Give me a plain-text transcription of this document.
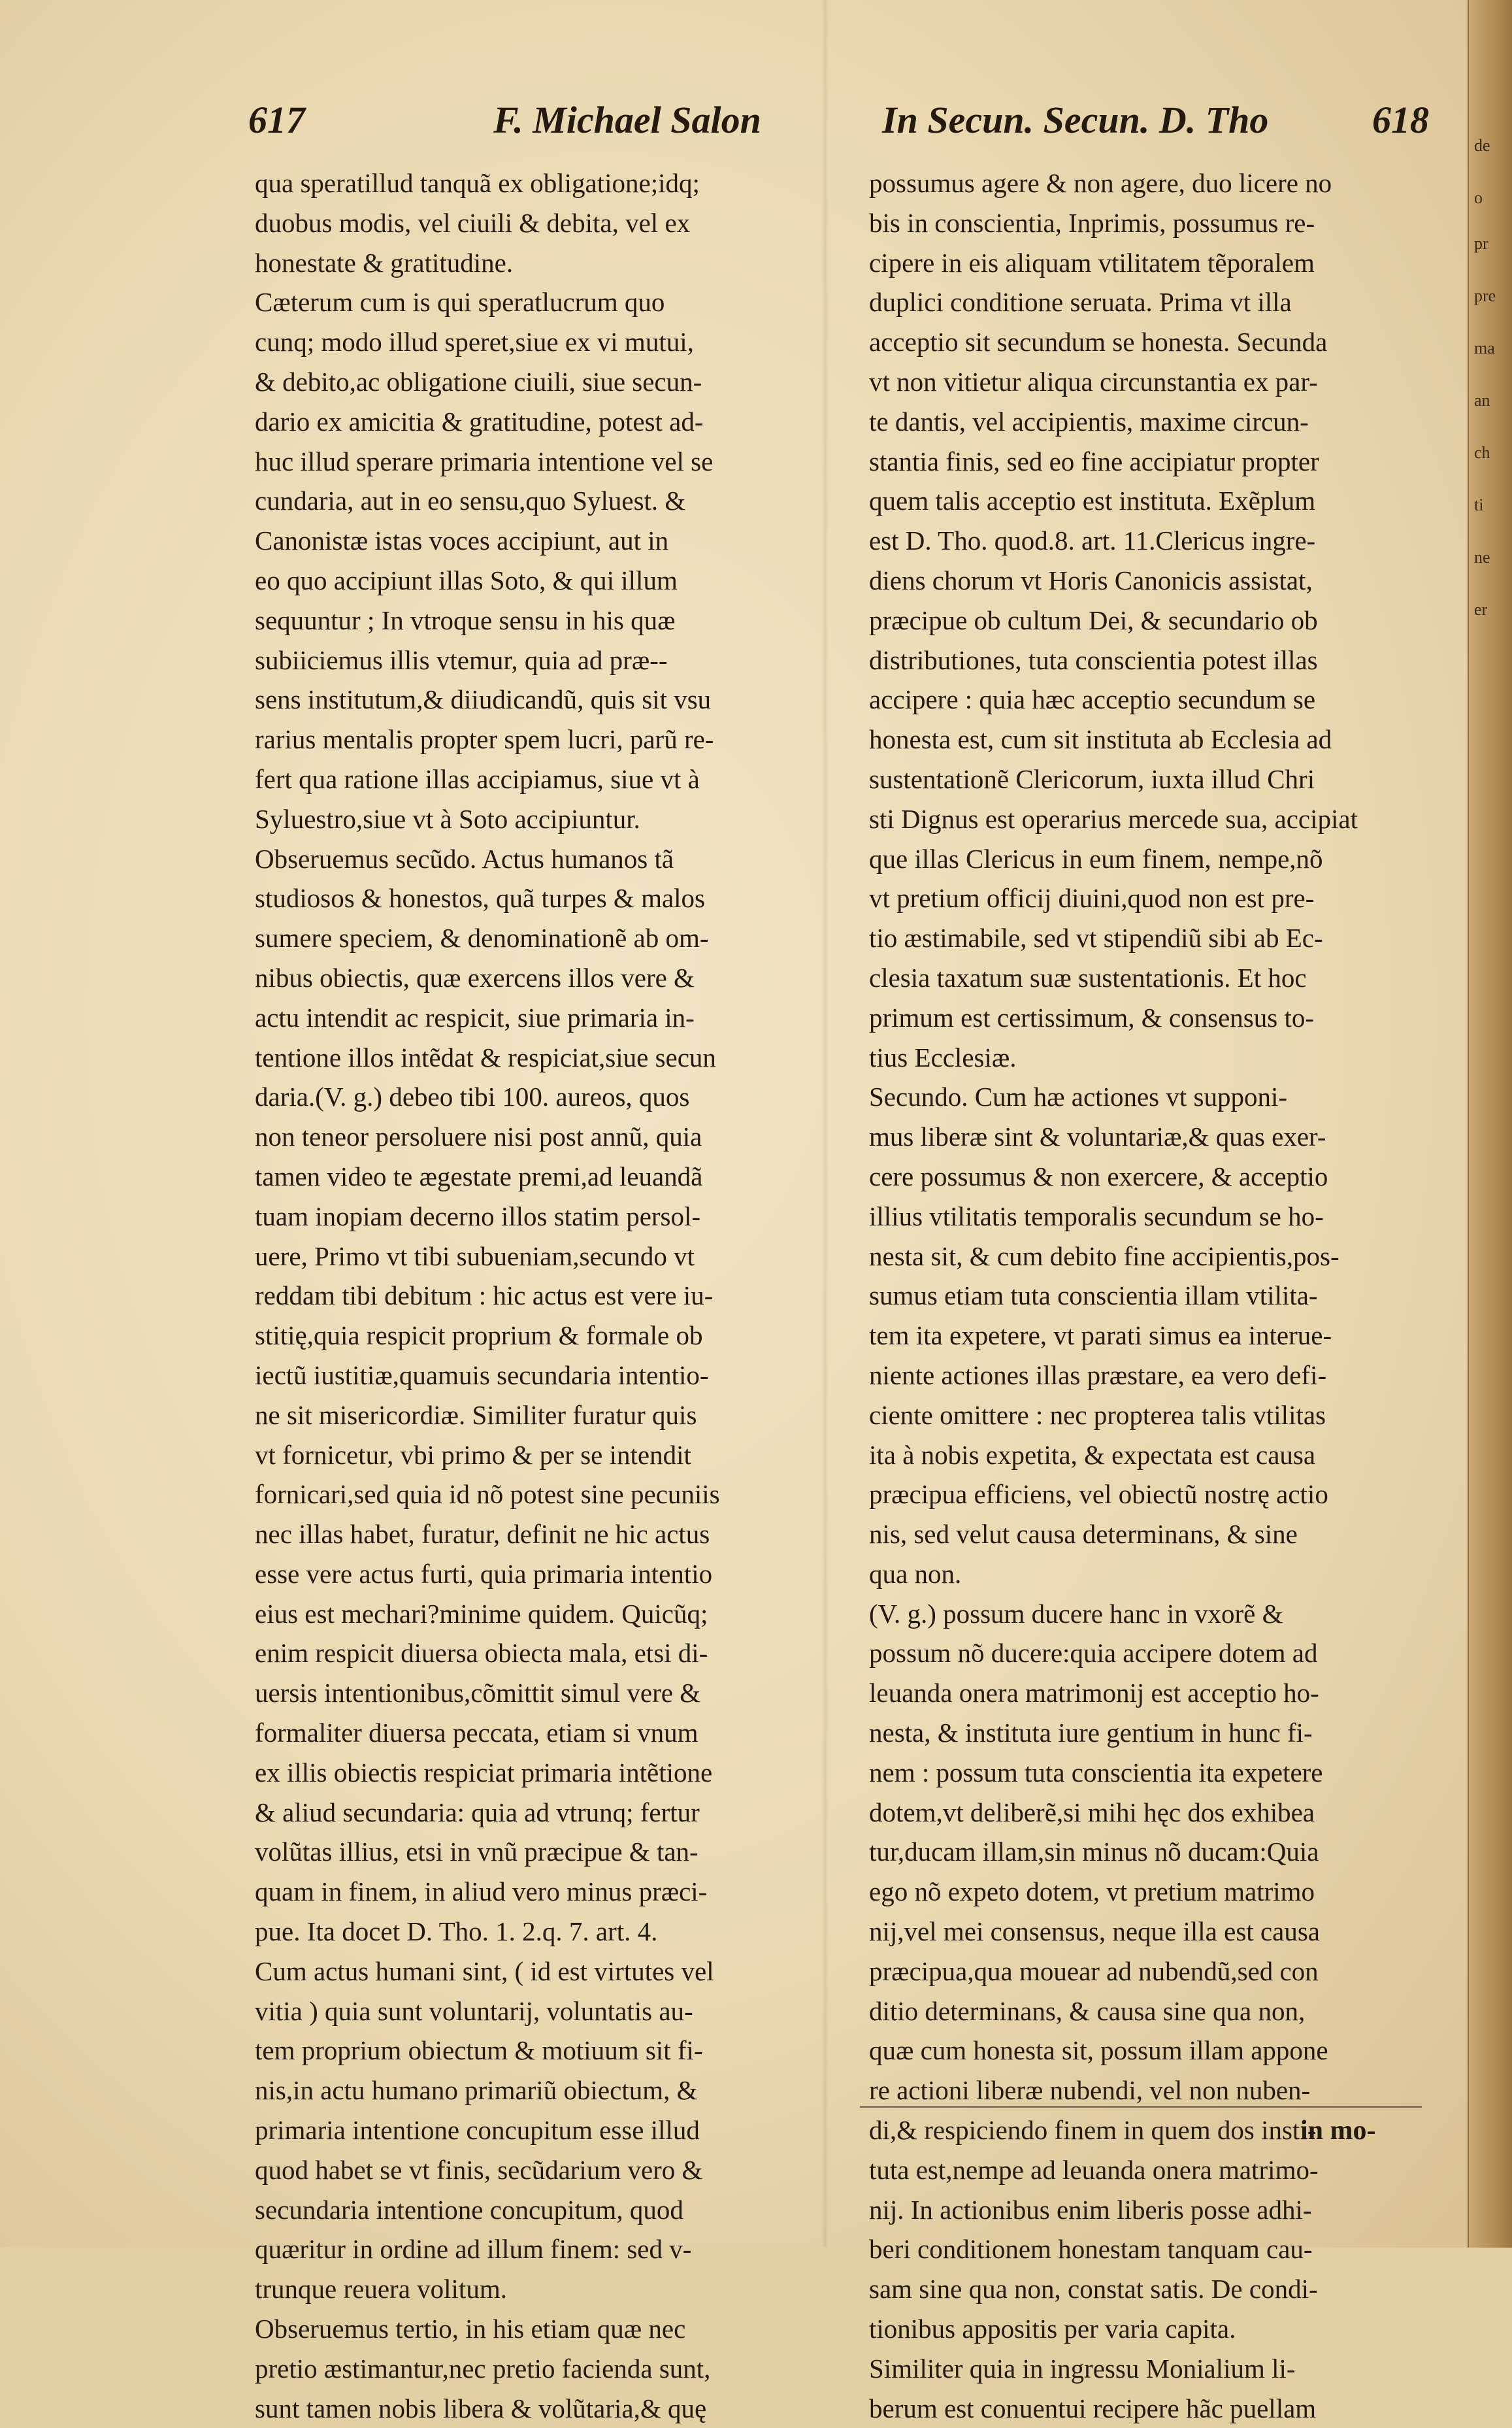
617	F. Michael Salon	In Secun. Secun. D. Tho	618

qua speratillud tanquã ex obligatione;idq;

duobus modis, vel ciuili & debita, vel ex

honestate & gratitudine.

Cæterum cum is qui speratlucrum quo

cunq; modo illud speret,siue ex vi mutui,

& debito,ac obligatione ciuili, siue secun-

dario ex amicitia & gratitudine, potest ad-

huc illud sperare primaria intentione vel se

cundaria, aut in eo sensu,quo Syluest. &

Canonistæ istas voces accipiunt, aut in

eo quo accipiunt illas Soto, & qui illum

sequuntur ; In vtroque sensu in his quæ

subiiciemus illis vtemur, quia ad præ--

sens institutum,& diiudicandũ, quis sit vsu

rarius mentalis propter spem lucri, parũ re-

fert qua ratione illas accipiamus, siue vt à

Syluestro,siue vt à Soto accipiuntur.

Obseruemus secũdo. Actus humanos tã

studiosos & honestos, quã turpes & malos

sumere speciem, & denominationẽ ab om-

nibus obiectis, quæ exercens illos vere &

actu intendit ac respicit, siue primaria in-

tentione illos intẽdat & respiciat,siue secun

daria.(V. g.) debeo tibi 100. aureos, quos

non teneor persoluere nisi post annũ, quia

tamen video te ægestate premi,ad leuandã

tuam inopiam decerno illos statim persol-

uere, Primo vt tibi subueniam,secundo vt

reddam tibi debitum : hic actus est vere iu-

stitię,quia respicit proprium & formale ob

iectũ iustitiæ,quamuis secundaria intentio-

ne sit misericordiæ. Similiter furatur quis

vt fornicetur, vbi primo & per se intendit

fornicari,sed quia id nõ potest sine pecuniis

nec illas habet, furatur, definit ne hic actus

esse vere actus furti, quia primaria intentio

eius est mechari?minime quidem. Quicũq;

enim respicit diuersa obiecta mala, etsi di-

uersis intentionibus,cõmittit simul vere &

formaliter diuersa peccata, etiam si vnum

ex illis obiectis respiciat primaria intẽtione

& aliud secundaria: quia ad vtrunq; fertur

volũtas illius, etsi in vnũ præcipue & tan-

quam in finem, in aliud vero minus præci-

pue. Ita docet D. Tho. 1. 2.q. 7. art. 4.

Cum actus humani sint, ( id est virtutes vel

vitia ) quia sunt voluntarij, voluntatis au-

tem proprium obiectum & motiuum sit fi-

nis,in actu humano primariũ obiectum, &

primaria intentione concupitum esse illud

quod habet se vt finis, secũdarium vero &

secundaria intentione concupitum, quod

quæritur in ordine ad illum finem: sed v-

trunque reuera volitum.

Obseruemus tertio, in his etiam quæ nec

pretio æstimantur,nec pretio facienda sunt,

sunt tamen nobis libera & volũtaria,& quę

possumus agere & non agere, duo licere no

bis in conscientia, Inprimis, possumus re-

cipere in eis aliquam vtilitatem tẽporalem

duplici conditione seruata. Prima vt illa

acceptio sit secundum se honesta. Secunda

vt non vitietur aliqua circunstantia ex par-

te dantis, vel accipientis, maxime circun-

stantia finis, sed eo fine accipiatur propter

quem talis acceptio est instituta. Exẽplum

est D. Tho. quod.8. art. 11.Clericus ingre-

diens chorum vt Horis Canonicis assistat,

præcipue ob cultum Dei, & secundario ob

distributiones, tuta conscientia potest illas

accipere : quia hæc acceptio secundum se

honesta est, cum sit instituta ab Ecclesia ad

sustentationẽ Clericorum, iuxta illud Chri

sti Dignus est operarius mercede sua, accipiat

que illas Clericus in eum finem, nempe,nõ

vt pretium officij diuini,quod non est pre-

tio æstimabile, sed vt stipendiũ sibi ab Ec-

clesia taxatum suæ sustentationis. Et hoc

primum est certissimum, & consensus to-

tius Ecclesiæ.

Secundo. Cum hæ actiones vt supponi-

mus liberæ sint & voluntariæ,& quas exer-

cere possumus & non exercere, & acceptio

illius vtilitatis temporalis secundum se ho-

nesta sit, & cum debito fine accipientis,pos-

sumus etiam tuta conscientia illam vtilita-

tem ita expetere, vt parati simus ea interue-

niente actiones illas præstare, ea vero defi-

ciente omittere : nec propterea talis vtilitas

ita à nobis expetita, & expectata est causa

præcipua efficiens, vel obiectũ nostrę actio

nis, sed velut causa determinans, & sine

qua non.

(V. g.) possum ducere hanc in vxorẽ &

possum nõ ducere:quia accipere dotem ad

leuanda onera matrimonij est acceptio ho-

nesta, & instituta iure gentium in hunc fi-

nem : possum tuta conscientia ita expetere

dotem,vt deliberẽ,si mihi hęc dos exhibea

tur,ducam illam,sin minus nõ ducam:Quia

ego nõ expeto dotem, vt pretium matrimo

nij,vel mei consensus, neque illa est causa

præcipua,qua mouear ad nubendũ,sed con

ditio determinans, & causa sine qua non,

quæ cum honesta sit, possum illam appone

re actioni liberæ nubendi, vel non nuben-

di,& respiciendo finem in quem dos insti-

tuta est,nempe ad leuanda onera matrimo-

nij. In actionibus enim liberis posse adhi-

beri conditionem honestam tanquam cau-

sam sine qua non, constat satis. De condi-

tionibus appositis per varia capita.

Similiter quia in ingressu Monialium li-

berum est conuentui recipere hãc puellam

in mo-
de
o
pr
pre
ma
an
ch
ti
ne
er
